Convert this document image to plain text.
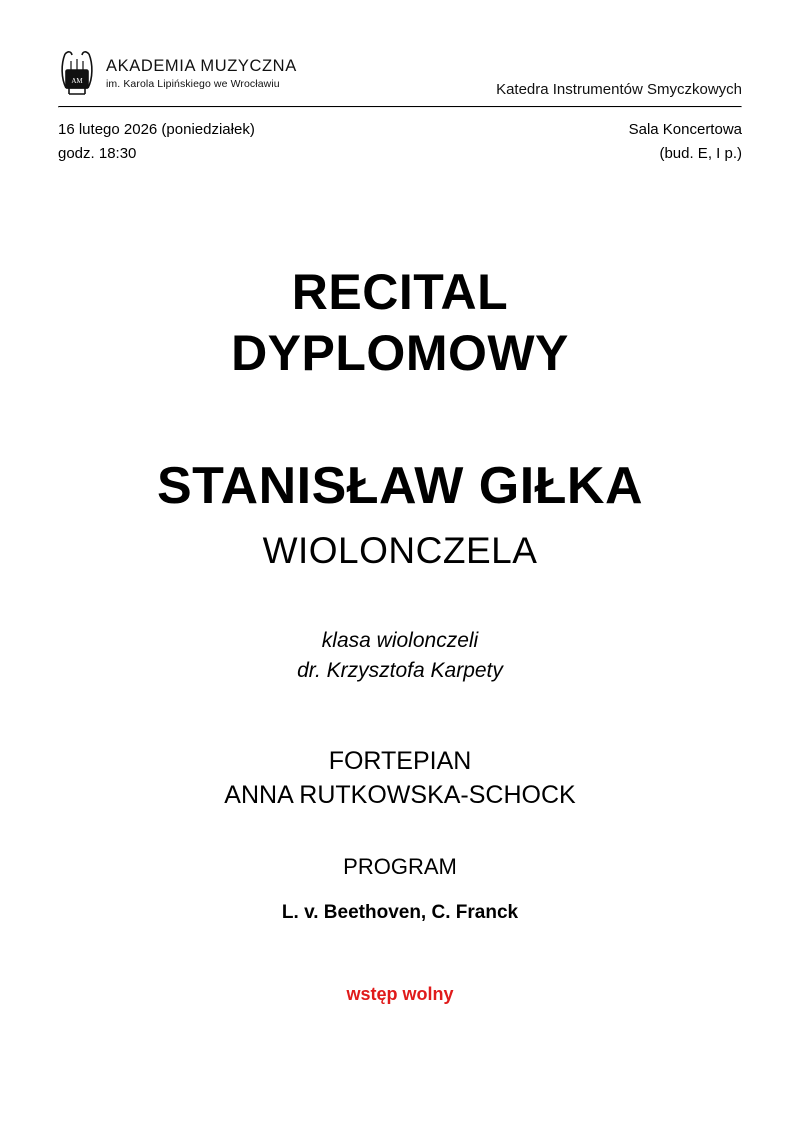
AM
AKADEMIA MUZYCZNA
im. Karola Lipińskiego we Wrocławiu	Katedra Instrumentów Smyczkowych
16 lutego 2026 (poniedziałek)
godz. 18:30
Sala Koncertowa
(bud. E, I p.)
RECITAL
DYPLOMOWY
STANISŁAW GIŁKA
WIOLONCZELA
klasa wiolonczeli
dr. Krzysztofa Karpety
FORTEPIAN
ANNA RUTKOWSKA-SCHOCK
PROGRAM
L. v. Beethoven, C. Franck
wstęp wolny
